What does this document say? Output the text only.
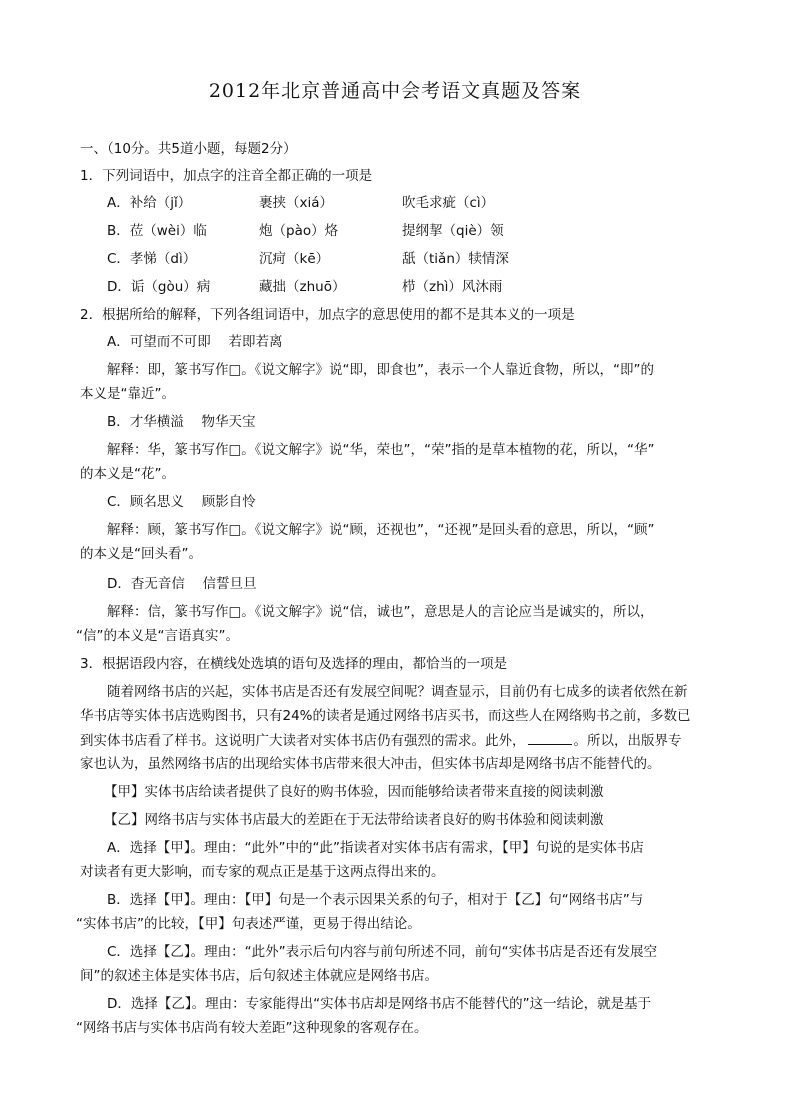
2012年北京普通高中会考语文真题及答案
一、（10分。共5道小题，每题2分）
1．下列词语中，加点字的注音全都正确的一项是
A．补给（jǐ）	裹挟（xiá）	吹毛求疵（cì）
B．莅（wèi）临	炮（pào）烙	提纲挈（qiè）领
C．孝悌（dì）	沉疴（kē）	舐（tiǎn）犊情深
D．诟（gòu）病	藏拙（zhuō）	栉（zhì）风沐雨
2．根据所给的解释，下列各组词语中，加点字的意思使用的都不是其本义的一项是
A．可望而不可即　 若即若离
解释：即，篆书写作□。《说文解字》说“即，即食也”，表示一个人靠近食物，所以，“即”的
本义是“靠近”。
B．才华横溢　 物华天宝
解释：华，篆书写作□。《说文解字》说“华，荣也”，“荣”指的是草本植物的花，所以，“华”
的本义是“花”。
C．顾名思义　 顾影自怜
解释：顾，篆书写作□。《说文解字》说“顾，还视也”，“还视”是回头看的意思，所以，“顾”
的本义是“回头看”。
D．杳无音信　 信誓旦旦
解释：信，篆书写作□。《说文解字》说“信，诚也”，意思是人的言论应当是诚实的，所以，
“信”的本义是“言语真实”。
3．根据语段内容，在横线处选填的语句及选择的理由，都恰当的一项是
随着网络书店的兴起，实体书店是否还有发展空间呢？调查显示，目前仍有七成多的读者依然在新
华书店等实体书店选购图书，只有24%的读者是通过网络书店买书，而这些人在网络购书之前，多数已
到实体书店看了样书。这说明广大读者对实体书店仍有强烈的需求。此外，	。所以，出版界专
家也认为，虽然网络书店的出现给实体书店带来很大冲击，但实体书店却是网络书店不能替代的。
【甲】实体书店给读者提供了良好的购书体验，因而能够给读者带来直接的阅读刺激
【乙】网络书店与实体书店最大的差距在于无法带给读者良好的购书体验和阅读刺激
A．选择【甲】。理由：“此外”中的“此”指读者对实体书店有需求，【甲】句说的是实体书店
对读者有更大影响，而专家的观点正是基于这两点得出来的。
B．选择【甲】。理由：【甲】句是一个表示因果关系的句子，相对于【乙】句“网络书店”与
“实体书店”的比较，【甲】句表述严谨，更易于得出结论。
C．选择【乙】。理由：“此外”表示后句内容与前句所述不同，前句“实体书店是否还有发展空
间”的叙述主体是实体书店，后句叙述主体就应是网络书店。
D．选择【乙】。理由：专家能得出“实体书店却是网络书店不能替代的”这一结论，就是基于
“网络书店与实体书店尚有较大差距”这种现象的客观存在。
